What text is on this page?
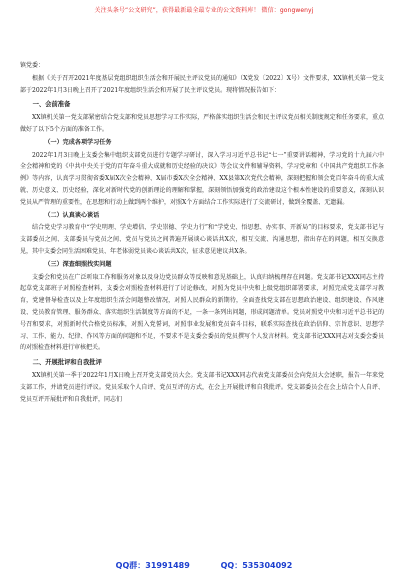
关注头条号“公文研究”，获得最新最全最专业的公文资料库！ 微信：gongwenyj

镇党委：

根据《关于召开2021年度基层党组织组织生活会和开展民主评议党员的通知》（X党发〔2022〕X号）文件要求，XX镇机关第一党支部于2022年1月3日晚上召开了2021年度组织生活会和开展了民主评议党员。现将情况报告如下：

一、会前准备

XX镇机关第一党支部紧密结合党支部和党员思想学习工作实际，严格落实组织生活会和民主评议党员相关制度规定和任务要求，重点做好了以下5个方面的准备工作。

（一）完成各项学习任务

2022年1月3日晚上支委会集中组织支部党员进行专题学习研讨，深入学习习近平总书记“七一”重要讲话精神，学习党的十九届六中全会精神和党的《中共中央关于党的百年奋斗重大成就和历史经验的决议》等会议文件和辅导资料，学习党章和《中国共产党组织工作条例》等内容，认真学习贯彻省委X届X次全会精神、X届市委X次全会精神、XX县第X次党代会精神，深刻把握和领会党百年奋斗的重大成就、历史意义、历史经验，深化对新时代党的创新理论的理解和掌握，深刻领悟加强党的政治建设这个根本性建设的重要意义，深刻认识党员从严管理的重要性，在思想和行动上做到两个维护，对照X个方面结合工作实际进行了交流研讨，做到全覆盖、无遗漏。

（二）认真谈心谈话

结合党史学习教育中“学史明理、学史增信、学史崇德、学史力行”和“学党史、悟思想、办实事、开新局”的目标要求，党支部书记与支部委员之间、支部委员与党员之间、党员与党员之间普遍开展谈心谈话共X次，相互交流、沟通思想，指出存在的问题，相互交换意见，其中支委会同生活困难党员、年老体弱党员谈心谈话共X次，征求意见建议共X条。

（三）深查细照找实问题

支委会和党员在广泛听取工作和服务对象以及身边党员群众等反映和意见基础上，认真归纳梳理存在问题。党支部书记XXX同志主持起草党支部班子对照检查材料，支委会对照检查材料进行了讨论修改，对照为党员中央和上级党组织部署要求，对照完成党支部学习教育，党建督导检查以及上年度组织生活会问题整改情况，对照人民群众的新期待，全面查找党支部在思想政治建设、组织建设、作风建设、党员教育管理、服务群众、落实组织生活制度等方面的不足，一条一条列出问题，形成问题清单。党员对照党中央和习近平总书记的号召和要求，对照新时代合格党员标准，对照入党誓词，对照事业发展和党员奋斗目标，联系实际查找在政治信仰、宗旨意识、思想学习、工作、能力、纪律、作风等方面的问题和不足，不要求不是支委会委员的党员撰写个人发言材料。党支部书记XXX同志对支委会委员的对照检查材料进行审核把关。

二、开展批评和自我批评

XX镇机关第一季于2022年1月X日晚上召开党支部党员大会。党支部书记XXX同志代表党支部委员会向党员大会述职，报告一年来党支部工作，并请党员进行评议。党员采取个人自评、党员互评的方式，在会上开展批评和自我批评。党支部委员会在会上结合个人自评、党员互评开展批评和自我批评，同志们

QQ群：31991489	QQ：535304092
